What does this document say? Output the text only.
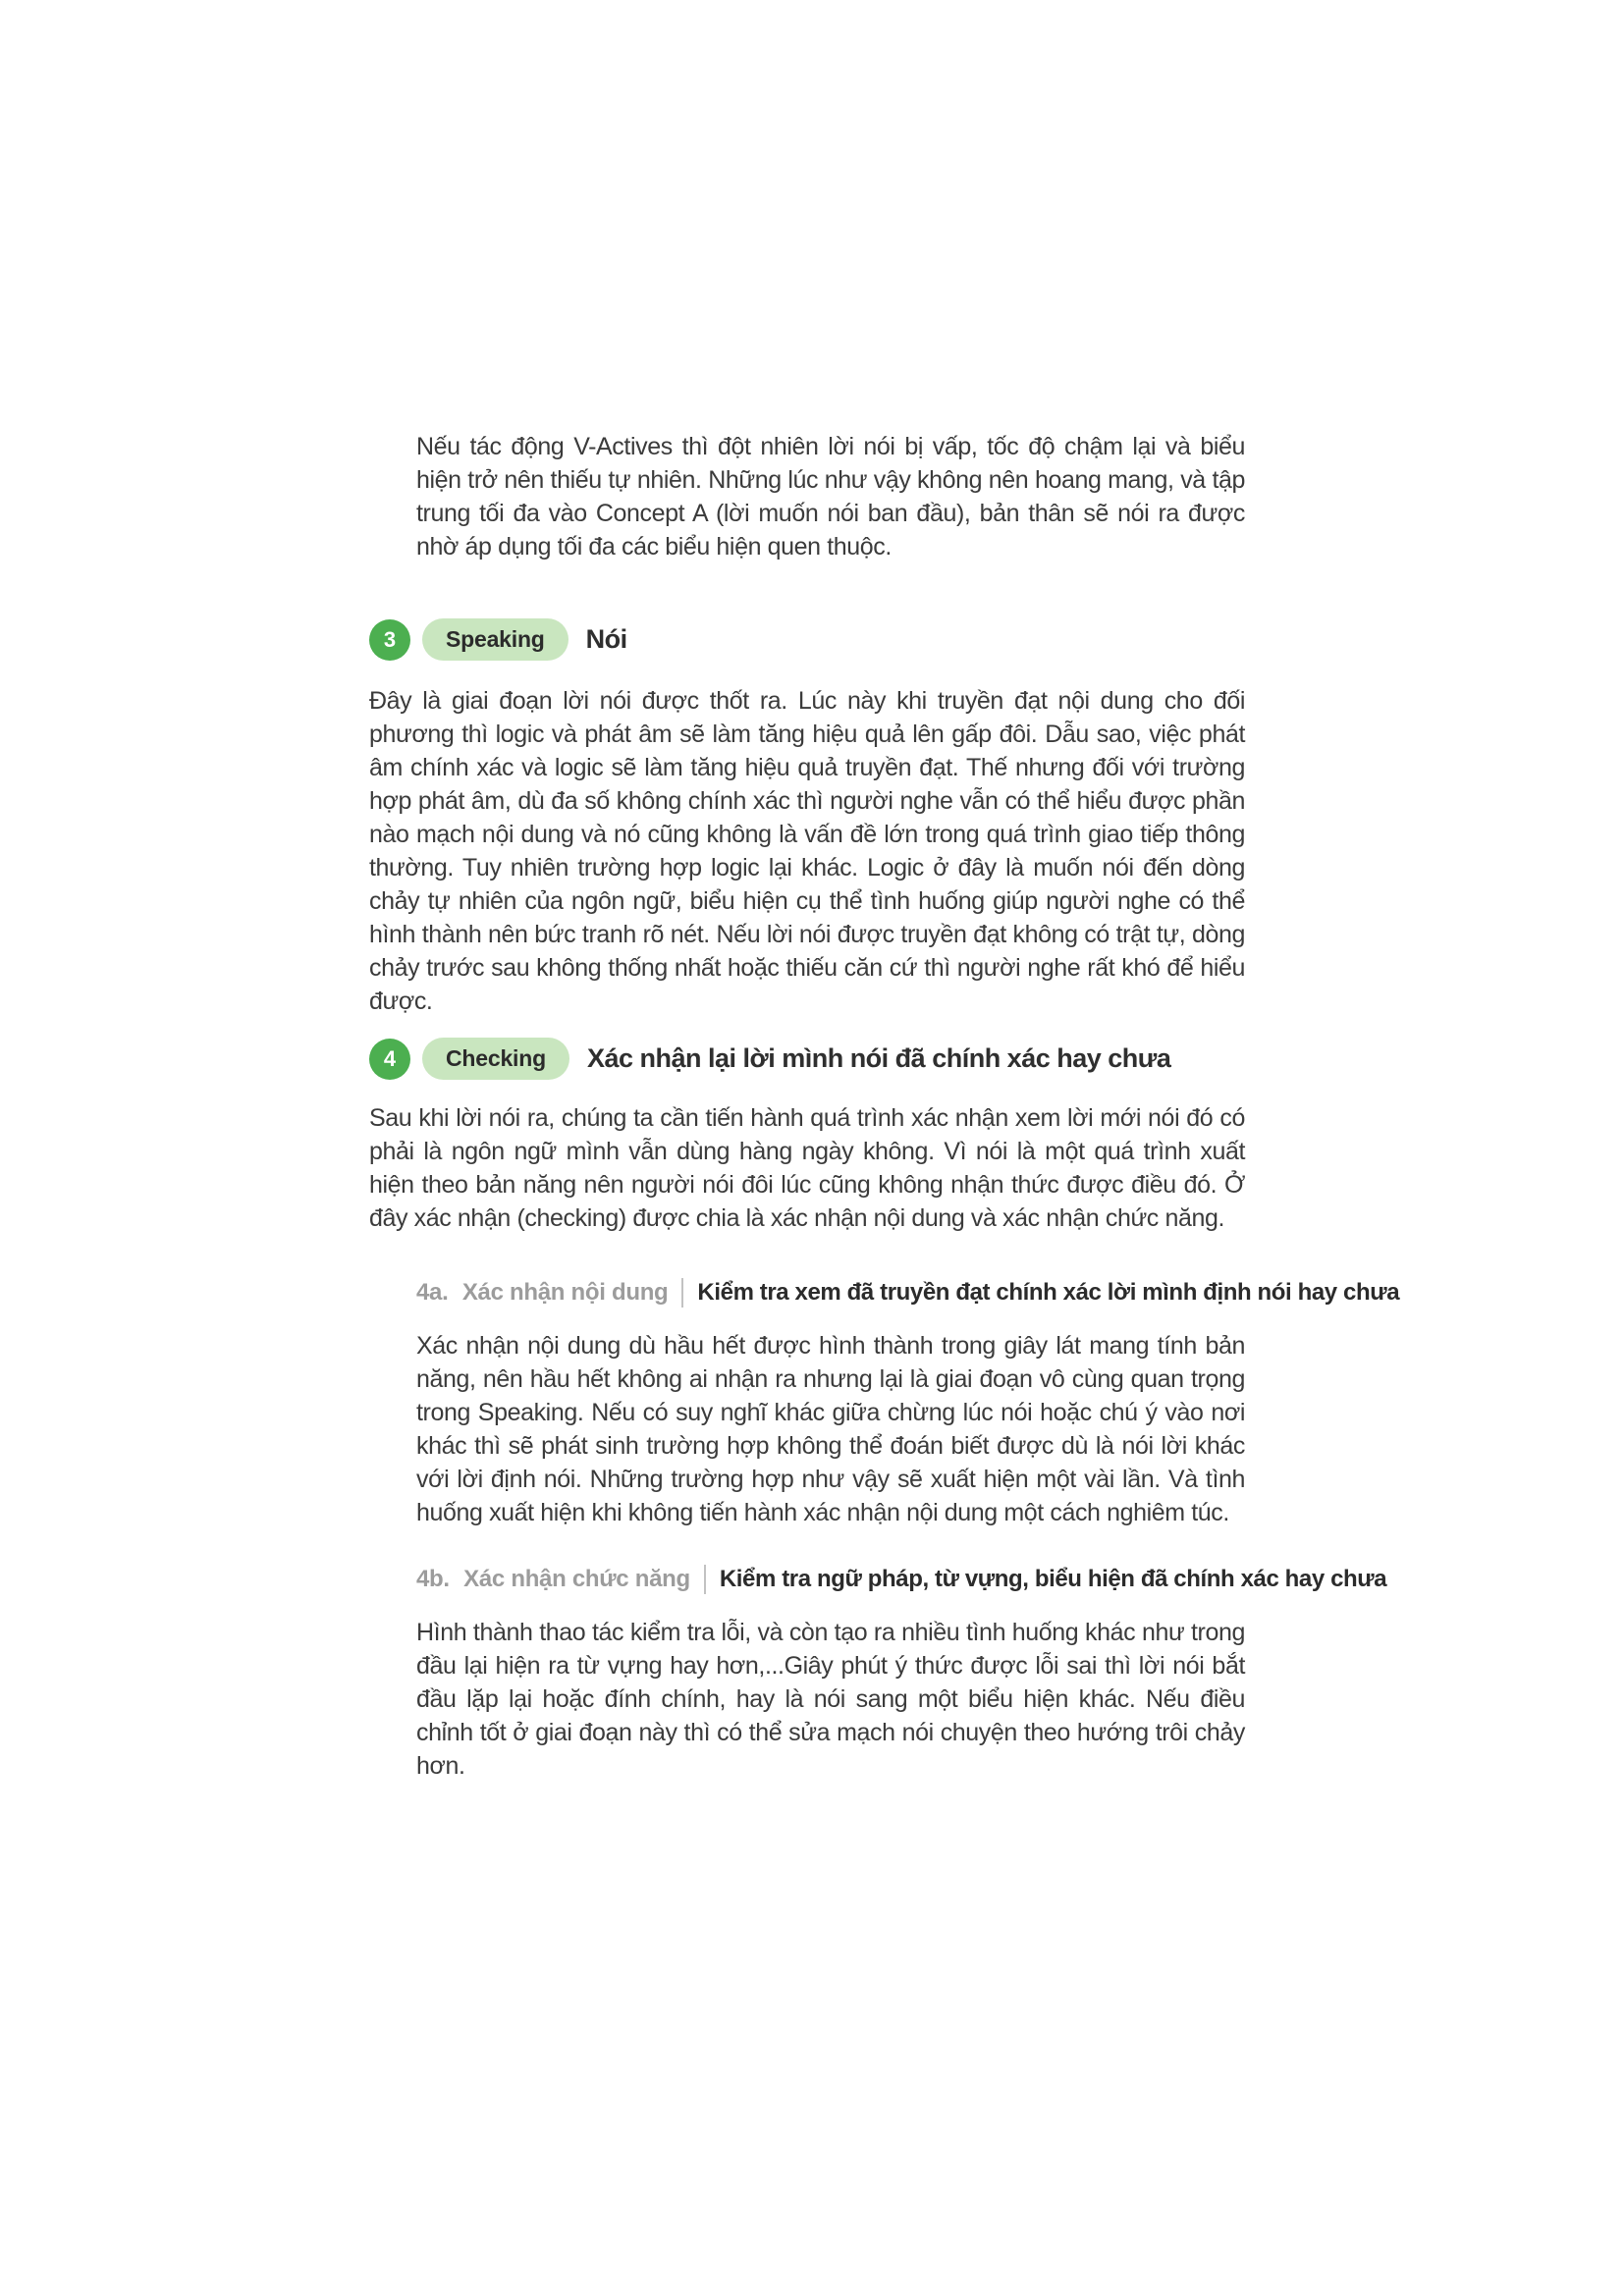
Nếu tác động V-Actives thì đột nhiên lời nói bị vấp, tốc độ chậm lại và biểu hiện trở nên thiếu tự nhiên. Những lúc như vậy không nên hoang mang, và tập trung tối đa vào Concept A (lời muốn nói ban đầu), bản thân sẽ nói ra được nhờ áp dụng tối đa các biểu hiện quen thuộc.

3	Speaking	Nói

Đây là giai đoạn lời nói được thốt ra. Lúc này khi truyền đạt nội dung cho đối phương thì logic và phát âm sẽ làm tăng hiệu quả lên gấp đôi. Dẫu sao, việc phát âm chính xác và logic sẽ làm tăng hiệu quả truyền đạt. Thế nhưng đối với trường hợp phát âm, dù đa số không chính xác thì người nghe vẫn có thể hiểu được phần nào mạch nội dung và nó cũng không là vấn đề lớn trong quá trình giao tiếp thông thường. Tuy nhiên trường hợp logic lại khác. Logic ở đây là muốn nói đến dòng chảy tự nhiên của ngôn ngữ, biểu hiện cụ thể tình huống giúp người nghe có thể hình thành nên bức tranh rõ nét. Nếu lời nói được truyền đạt không có trật tự, dòng chảy trước sau không thống nhất hoặc thiếu căn cứ thì người nghe rất khó để hiểu được.

4	Checking	Xác nhận lại lời mình nói đã chính xác hay chưa

Sau khi lời nói ra, chúng ta cần tiến hành quá trình xác nhận xem lời mới nói đó có phải là ngôn ngữ mình vẫn dùng hàng ngày không. Vì nói là một quá trình xuất hiện theo bản năng nên người nói đôi lúc cũng không nhận thức được điều đó. Ở đây xác nhận (checking) được chia là xác nhận nội dung và xác nhận chức năng.

4a. Xác nhận nội dung Kiểm tra xem đã truyền đạt chính xác lời mình định nói hay chưa

Xác nhận nội dung dù hầu hết được hình thành trong giây lát mang tính bản năng, nên hầu hết không ai nhận ra nhưng lại là giai đoạn vô cùng quan trọng trong Speaking. Nếu có suy nghĩ khác giữa chừng lúc nói hoặc chú ý vào nơi khác thì sẽ phát sinh trường hợp không thể đoán biết được dù là nói lời khác với lời định nói. Những trường hợp như vậy sẽ xuất hiện một vài lần. Và tình huống xuất hiện khi không tiến hành xác nhận nội dung một cách nghiêm túc.

4b. Xác nhận chức năng Kiểm tra ngữ pháp, từ vựng, biểu hiện đã chính xác hay chưa

Hình thành thao tác kiểm tra lỗi, và còn tạo ra nhiều tình huống khác như trong đầu lại hiện ra từ vựng hay hơn,...Giây phút ý thức được lỗi sai thì lời nói bắt đầu lặp lại hoặc đính chính, hay là nói sang một biểu hiện khác. Nếu điều chỉnh tốt ở giai đoạn này thì có thể sửa mạch nói chuyện theo hướng trôi chảy hơn.
